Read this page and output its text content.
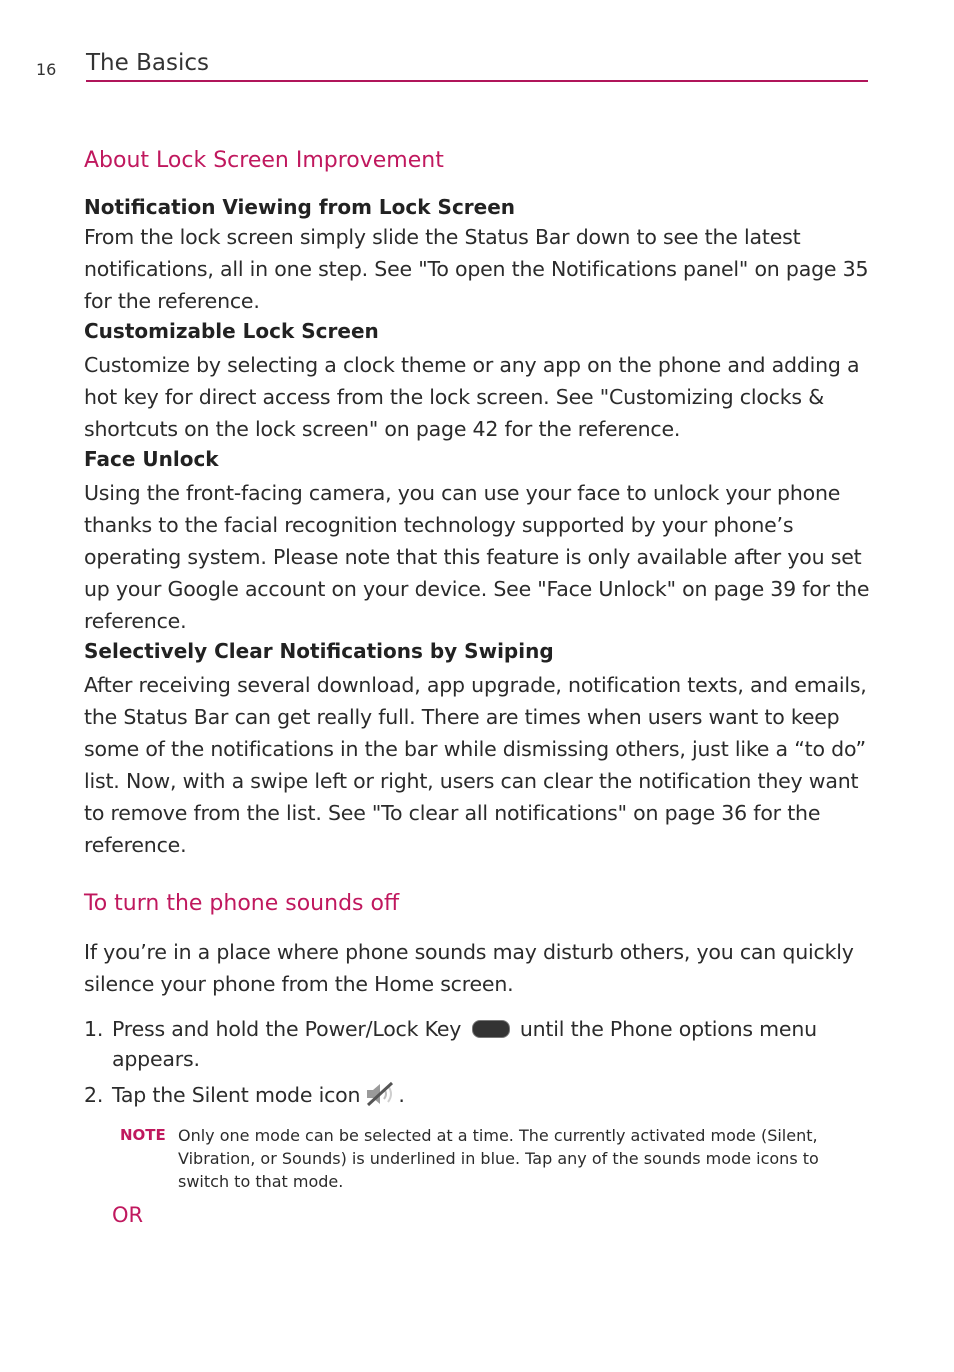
16 The Basics
About Lock Screen Improvement
Notification Viewing from Lock Screen

From the lock screen simply slide the Status Bar down to see the latest notifications, all in one step. See "To open the Notifications panel" on page 35 for the reference.

Customizable Lock Screen

Customize by selecting a clock theme or any app on the phone and adding a hot key for direct access from the lock screen. See "Customizing clocks & shortcuts on the lock screen" on page 42 for the reference.

Face Unlock

Using the front-facing camera, you can use your face to unlock your phone thanks to the facial recognition technology supported by your phone’s operating system. Please note that this feature is only available after you set up your Google account on your device. See "Face Unlock" on page 39 for the reference.

Selectively Clear Notifications by Swiping

After receiving several download, app upgrade, notification texts, and emails, the Status Bar can get really full. There are times when users want to keep some of the notifications in the bar while dismissing others, just like a “to do” list. Now, with a swipe left or right, users can clear the notification they want to remove from the list. See "To clear all notifications" on page 36 for the reference.

To turn the phone sounds off

If you’re in a place where phone sounds may disturb others, you can quickly silence your phone from the Home screen.

1. Press and hold the Power/Lock Key	until the Phone options menu appears.
2. Tap the Silent mode icon .
NOTE Only one mode can be selected at a time. The currently activated mode (Silent, Vibration, or Sounds) is underlined in blue. Tap any of the sounds mode icons to switch to that mode.
OR
